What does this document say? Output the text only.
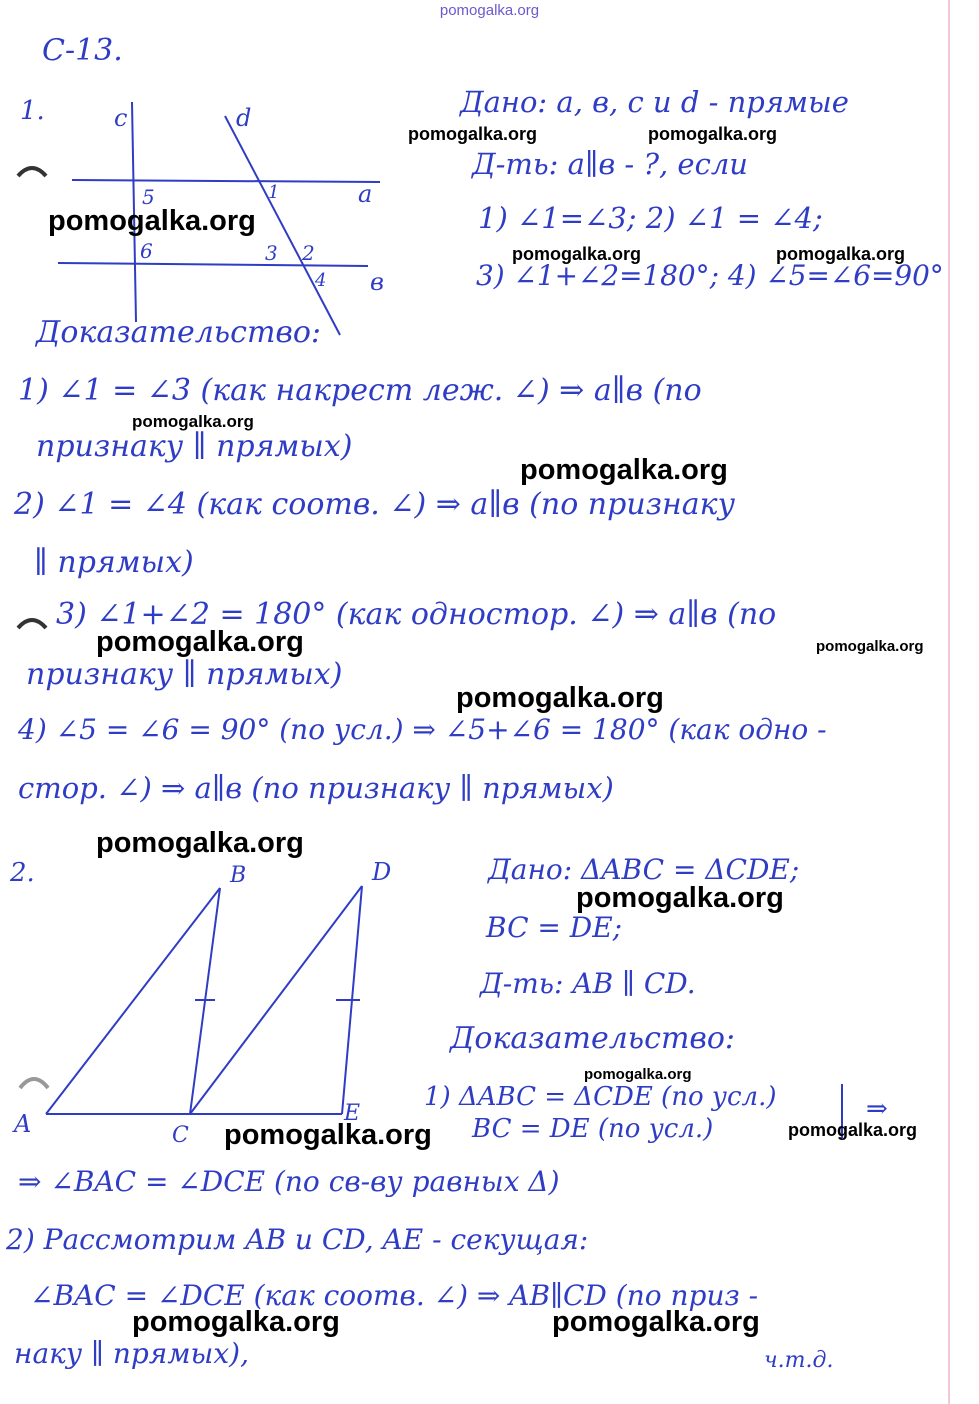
pomogalka.org
С-13.
1.	c	d
a
в
1
2
3
4
5
6
Дано: a, в, c и d - прямые
Д-ть: a∥в - ?, если
1) ∠1=∠3; 2) ∠1 = ∠4;
3) ∠1+∠2=180°; 4) ∠5=∠6=90°
Доказательство:
1) ∠1 = ∠3 (как накрест леж. ∠) ⇒ a∥в (по
признаку ∥ прямых)
2) ∠1 = ∠4 (как соотв. ∠) ⇒ a∥в (по признаку
∥ прямых)
3) ∠1+∠2 = 180° (как одностор. ∠) ⇒ a∥в (по
признаку ∥ прямых)
4) ∠5 = ∠6 = 90° (по усл.) ⇒ ∠5+∠6 = 180° (как одно -
стор. ∠) ⇒ a∥в (по признаку ∥ прямых)
2.
A
B
C
D
E
Дано: ΔABC = ΔCDE;
BC = DE;
Д-ть: AB ∥ CD.
Доказательство:
1) ΔABC = ΔCDE (по усл.)
BC = DE (по усл.)
⇒
⇒ ∠BAC = ∠DCE (по св-ву равных Δ)
2) Рассмотрим AB и CD, AE - секущая:
∠BAC = ∠DCE (как соотв. ∠) ⇒ AB∥CD (по приз -
наку ∥ прямых),	ч.т.д.
pomogalka.org	pomogalka.org
pomogalka.org
pomogalka.org	pomogalka.org
pomogalka.org
pomogalka.org
pomogalka.org	pomogalka.org
pomogalka.org
pomogalka.org
pomogalka.org
pomogalka.org
pomogalka.org	pomogalka.org
pomogalka.org	pomogalka.org
